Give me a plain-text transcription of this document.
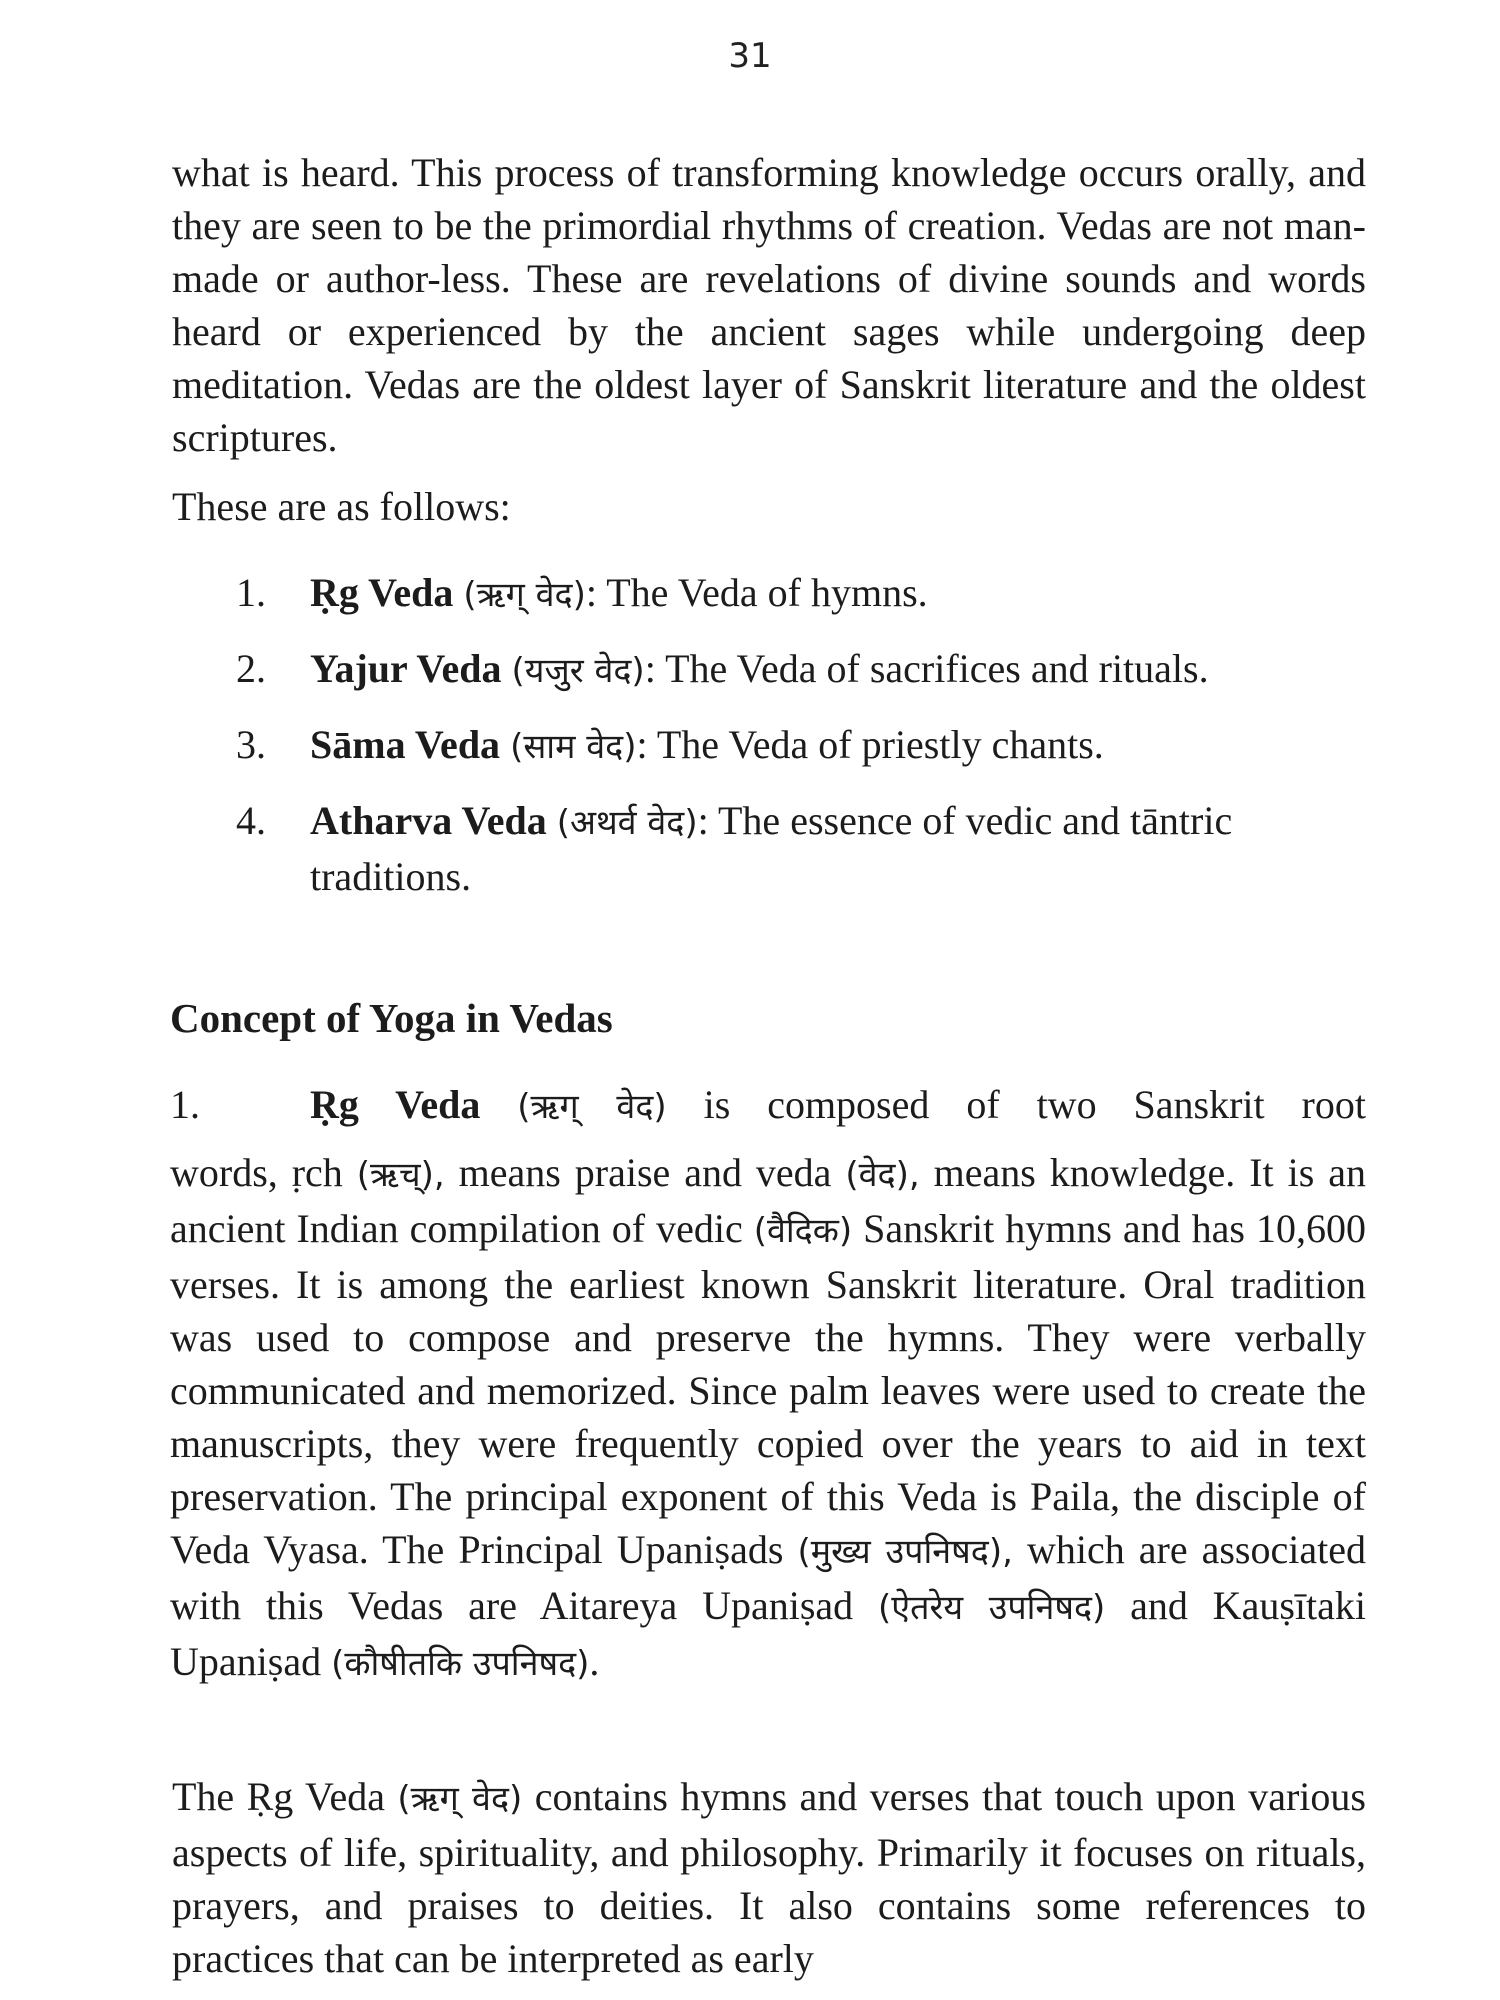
31

what is heard. This process of transforming knowledge occurs orally, and they are seen to be the primordial rhythms of creation. Vedas are not man-made or author-less. These are revelations of divine sounds and words heard or experienced by the ancient sages while undergoing deep meditation. Vedas are the oldest layer of Sanskrit literature and the oldest scriptures.

These are as follows:

1. Ṛg Veda (ऋग् वेद): The Veda of hymns.
2. Yajur Veda (यजुर वेद): The Veda of sacrifices and rituals.
3. Sāma Veda (साम वेद): The Veda of priestly chants.
4. Atharva Veda (अथर्व वेद): The essence of vedic and tāntric traditions.
Concept of Yoga in Vedas
1.	Ṛg Veda (ऋग् वेद) is composed of two Sanskrit root

words, ṛch (ऋच्), means praise and veda (वेद), means knowledge. It is an ancient Indian compilation of vedic (वैदिक) Sanskrit hymns and has 10,600 verses. It is among the earliest known Sanskrit literature. Oral tradition was used to compose and preserve the hymns. They were verbally communicated and memorized. Since palm leaves were used to create the manuscripts, they were frequently copied over the years to aid in text preservation. The principal exponent of this Veda is Paila, the disciple of Veda Vyasa. The Principal Upaniṣads (मुख्य उपनिषद), which are associated with this Vedas are Aitareya Upaniṣad (ऐतरेय उपनिषद) and Kauṣītaki Upaniṣad (कौषीतकि उपनिषद).

The Ṛg Veda (ऋग् वेद) contains hymns and verses that touch upon various aspects of life, spirituality, and philosophy. Primarily it focuses on rituals, prayers, and praises to deities. It also contains some references to practices that can be interpreted as early
